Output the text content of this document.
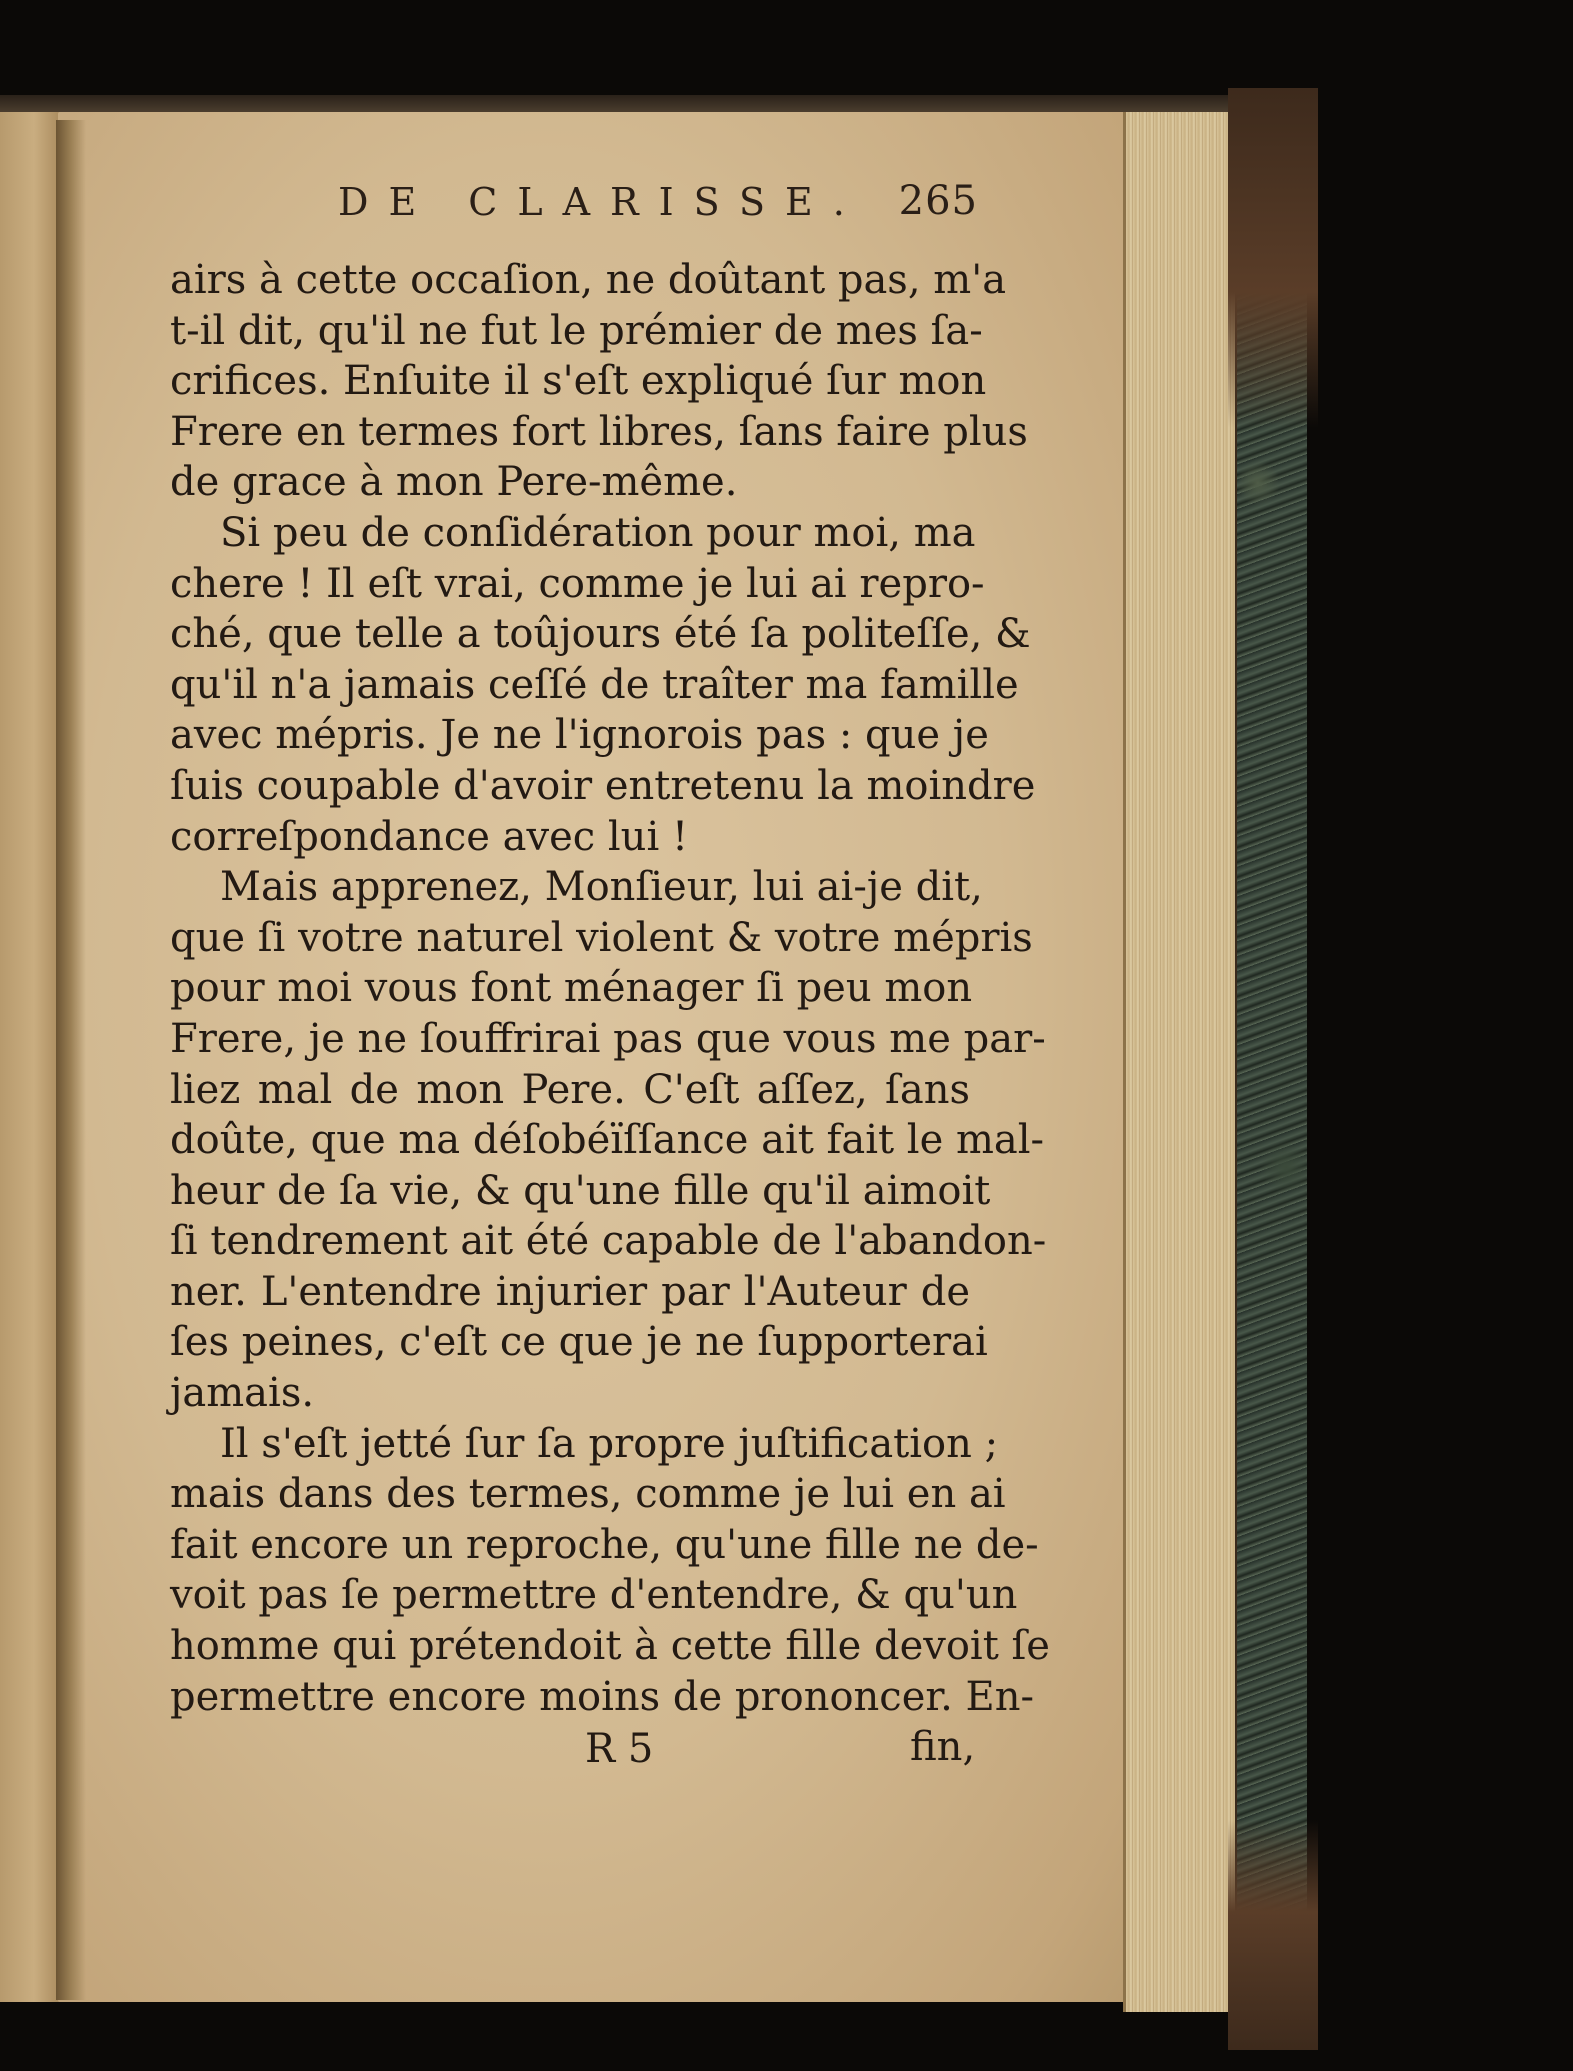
DE CLARISSE. 265
airs à cette occaſion, ne doûtant pas, m'a
t-il dit, qu'il ne fut le prémier de mes ſa-
crifices. Enſuite il s'eſt expliqué ſur mon
Frere en termes fort libres, ſans faire plus
de grace à mon Pere-même.
Si peu de conſidération pour moi, ma
chere ! Il eſt vrai, comme je lui ai repro-
ché, que telle a toûjours été ſa politeſſe, &
qu'il n'a jamais ceſſé de traîter ma famille
avec mépris. Je ne l'ignorois pas : que je
ſuis coupable d'avoir entretenu la moindre
correſpondance avec lui !
Mais apprenez, Monſieur, lui ai-je dit,
que ſi votre naturel violent & votre mépris
pour moi vous font ménager ſi peu mon
Frere, je ne ſouffrirai pas que vous me par-
liez mal de mon Pere. C'eſt aſſez, ſans
doûte, que ma déſobéïſſance ait fait le mal-
heur de ſa vie, & qu'une fille qu'il aimoit
ſi tendrement ait été capable de l'abandon-
ner. L'entendre injurier par l'Auteur de
ſes peines, c'eſt ce que je ne ſupporterai
jamais.
Il s'eſt jetté ſur ſa propre juſtification ;
mais dans des termes, comme je lui en ai
fait encore un reproche, qu'une fille ne de-
voit pas ſe permettre d'entendre, & qu'un
homme qui prétendoit à cette fille devoit ſe
permettre encore moins de prononcer. En-
R 5	fin,
